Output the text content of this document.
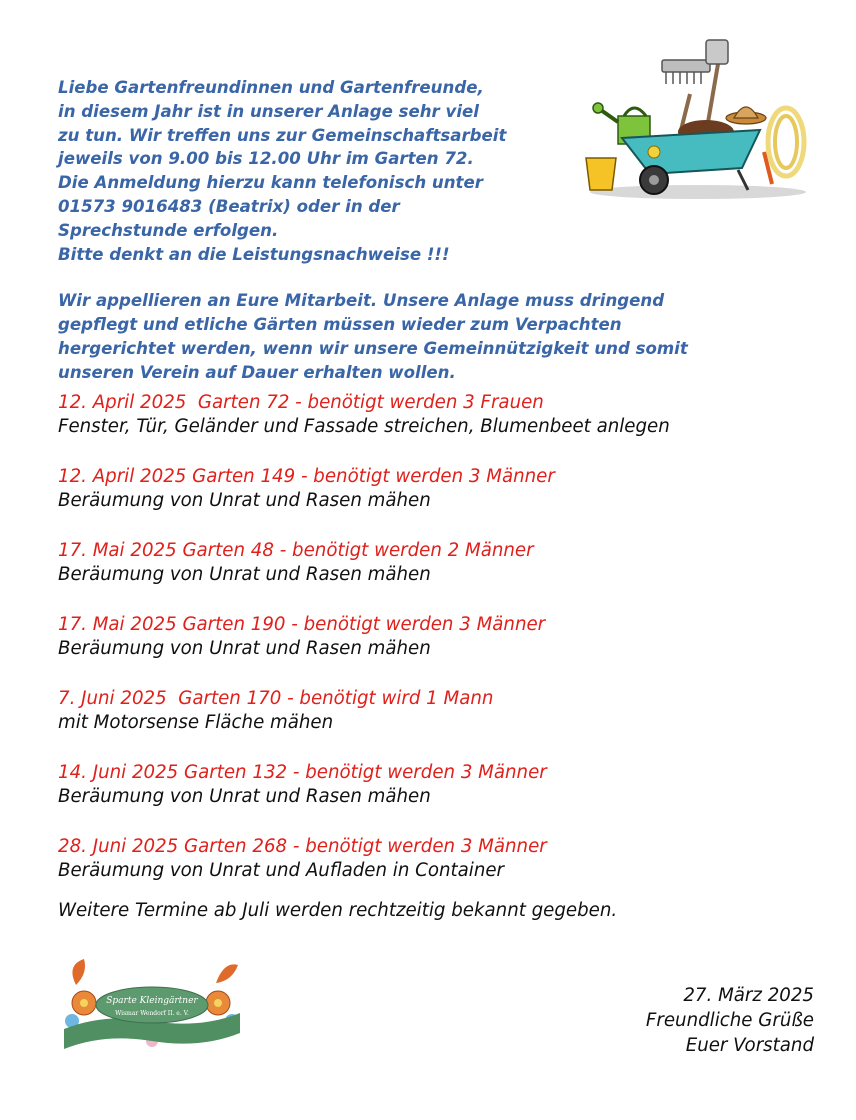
Liebe Gartenfreundinnen und Gartenfreunde,
in diesem Jahr ist in unserer Anlage sehr viel
zu tun. Wir treffen uns zur Gemeinschaftsarbeit
jeweils von 9.00 bis 12.00 Uhr im Garten 72.
Die Anmeldung hierzu kann telefonisch unter
01573 9016483 (Beatrix) oder in der
Sprechstunde erfolgen.
Bitte denkt an die Leistungsnachweise !!!

Wir appellieren an Eure Mitarbeit. Unsere Anlage muss dringend
gepflegt und etliche Gärten müssen wieder zum Verpachten
hergerichtet werden, wenn wir unsere Gemeinnützigkeit und somit
unseren Verein auf Dauer erhalten wollen.

12. April 2025  Garten 72 - benötigt werden 3 Frauen
Fenster, Tür, Geländer und Fassade streichen, Blumenbeet anlegen
12. April 2025 Garten 149 - benötigt werden 3 Männer
Beräumung von Unrat und Rasen mähen
17. Mai 2025 Garten 48 - benötigt werden 2 Männer
Beräumung von Unrat und Rasen mähen
17. Mai 2025 Garten 190 - benötigt werden 3 Männer
Beräumung von Unrat und Rasen mähen
7. Juni 2025  Garten 170 - benötigt wird 1 Mann
mit Motorsense Fläche mähen
14. Juni 2025 Garten 132 - benötigt werden 3 Männer
Beräumung von Unrat und Rasen mähen
28. Juni 2025 Garten 268 - benötigt werden 3 Männer
Beräumung von Unrat und Aufladen in Container
Weitere Termine ab Juli werden rechtzeitig bekannt gegeben.
Sparte Kleingärtner
Wismar Wendorf II. e. V.
27. März 2025
Freundliche Grüße
Euer Vorstand
